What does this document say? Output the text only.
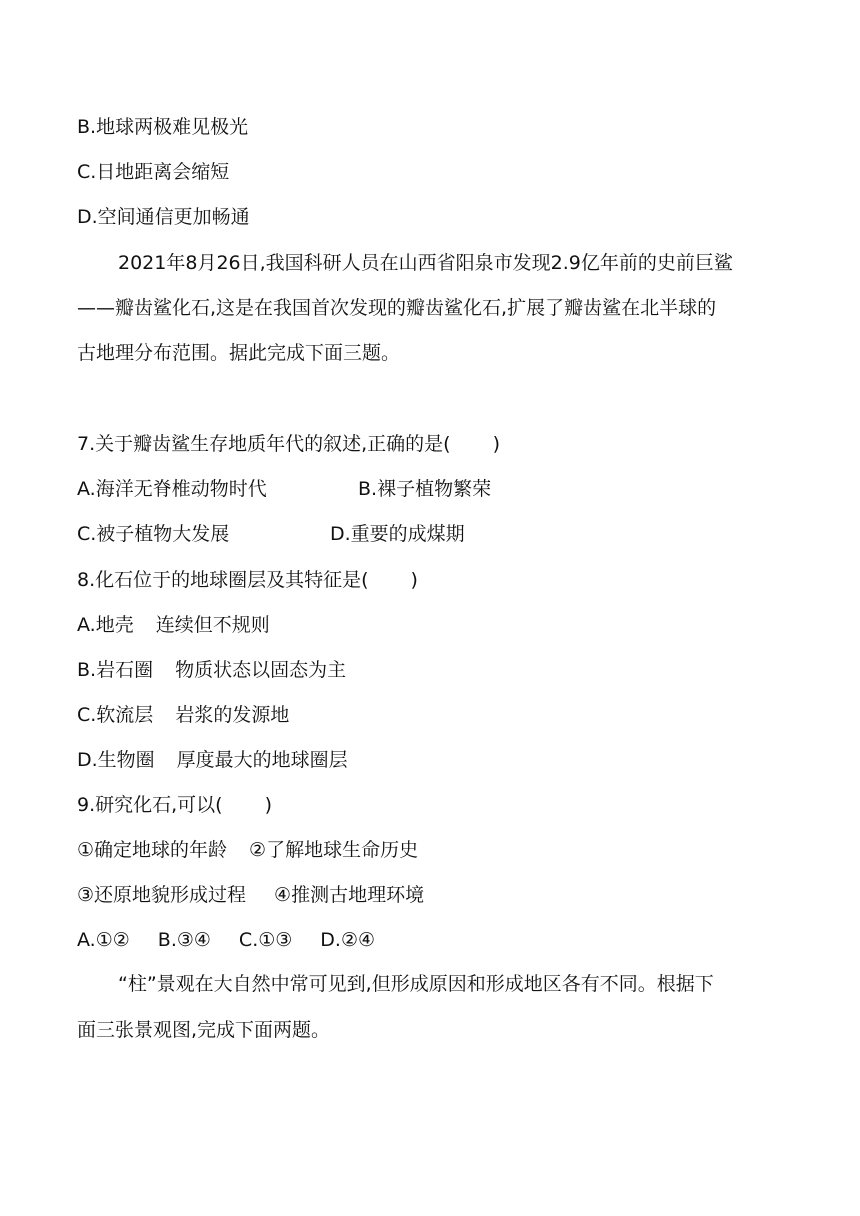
B.地球两极难见极光
C.日地距离会缩短
D.空间通信更加畅通
2021年8月26日,我国科研人员在山西省阳泉市发现2.9亿年前的史前巨鲨
——瓣齿鲨化石,这是在我国首次发现的瓣齿鲨化石,扩展了瓣齿鲨在北半球的
古地理分布范围。据此完成下面三题。
7.关于瓣齿鲨生存地质年代的叙述,正确的是( )
A.海洋无脊椎动物时代	B.裸子植物繁荣
C.被子植物大发展	D.重要的成煤期
8.化石位于的地球圈层及其特征是( )
A.地壳 连续但不规则
B.岩石圈 物质状态以固态为主
C.软流层 岩浆的发源地
D.生物圈 厚度最大的地球圈层
9.研究化石,可以( )
①确定地球的年龄 ②了解地球生命历史
③还原地貌形成过程 ④推测古地理环境
A.①② B.③④ C.①③ D.②④
“柱”景观在大自然中常可见到,但形成原因和形成地区各有不同。根据下
面三张景观图,完成下面两题。
